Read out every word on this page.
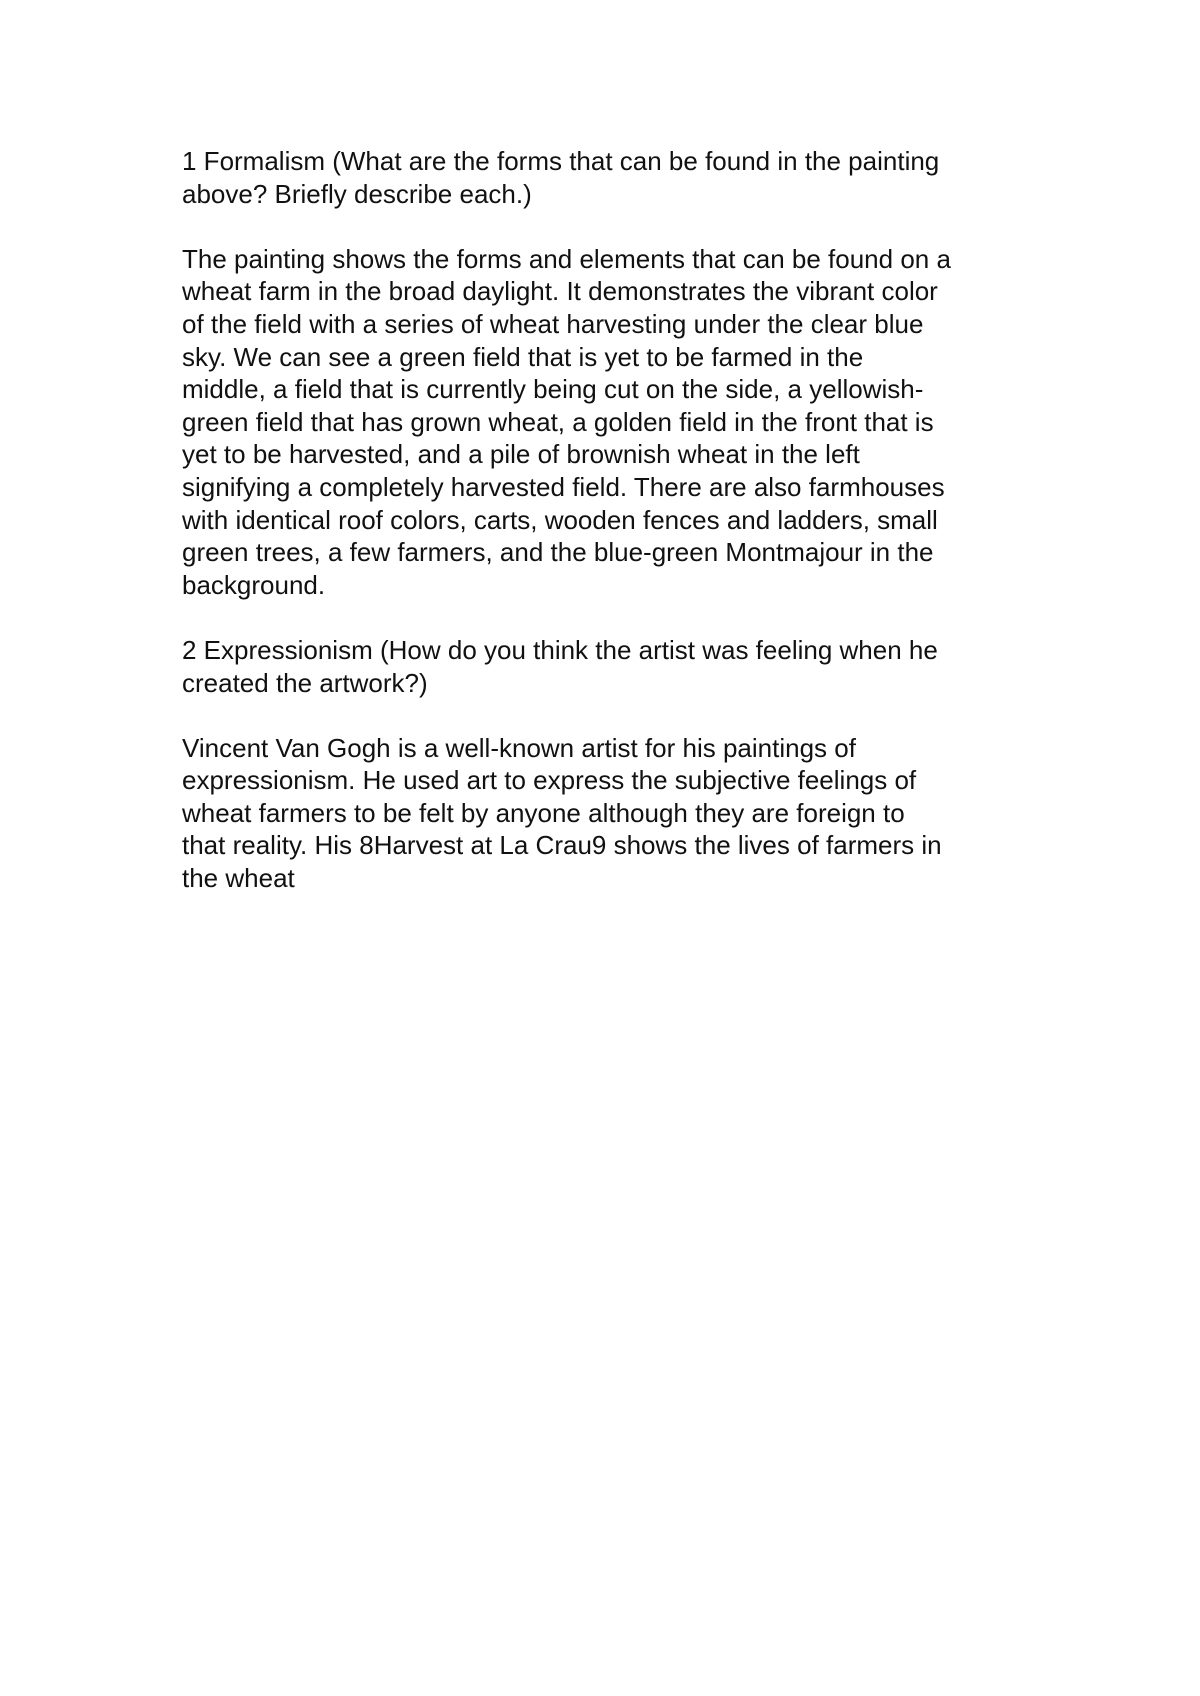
1 Formalism (What are the forms that can be found in the painting
above? Briefly describe each.)

The painting shows the forms and elements that can be found on a
wheat farm in the broad daylight. It demonstrates the vibrant color
of the field with a series of wheat harvesting under the clear blue
sky. We can see a green field that is yet to be farmed in the
middle, a field that is currently being cut on the side, a yellowish-
green field that has grown wheat, a golden field in the front that is
yet to be harvested, and a pile of brownish wheat in the left
signifying a completely harvested field. There are also farmhouses
with identical roof colors, carts, wooden fences and ladders, small
green trees, a few farmers, and the blue-green Montmajour in the
background.

2 Expressionism (How do you think the artist was feeling when he
created the artwork?)

Vincent Van Gogh is a well-known artist for his paintings of
expressionism. He used art to express the subjective feelings of
wheat farmers to be felt by anyone although they are foreign to
that reality. His 8Harvest at La Crau9 shows the lives of farmers in
the wheat
